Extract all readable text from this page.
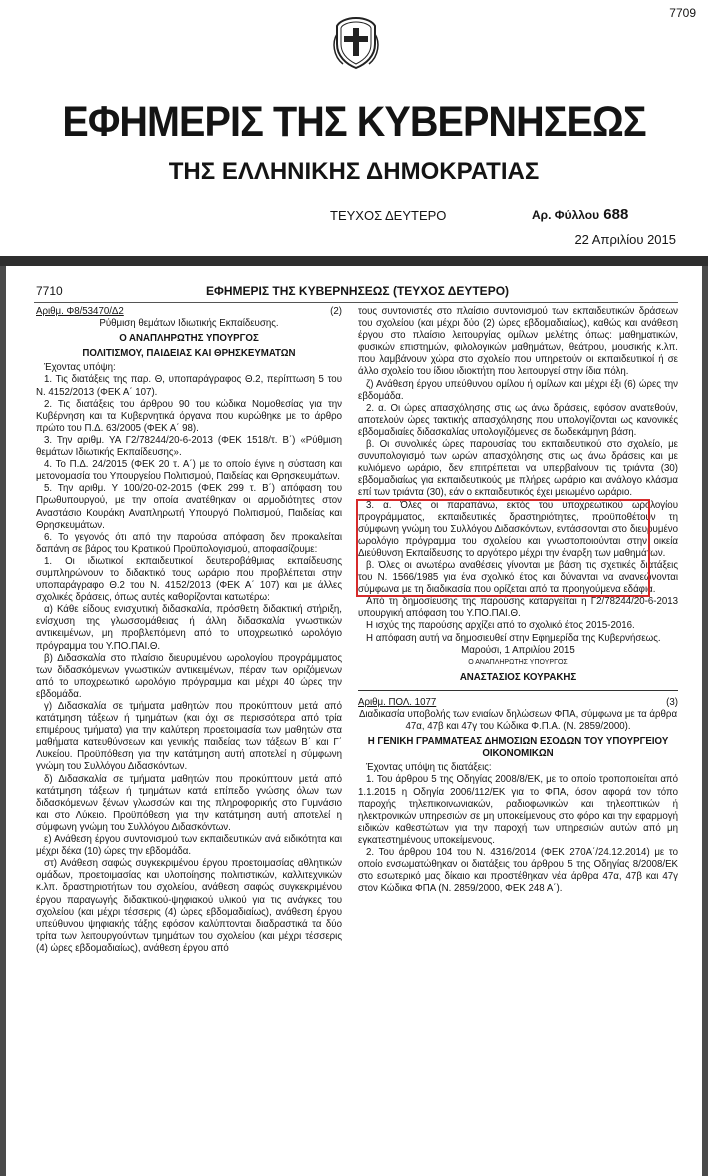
7709
ΕΦΗΜΕΡΙΣ ΤΗΣ ΚΥΒΕΡΝΗΣΕΩΣ
ΤΗΣ ΕΛΛΗΝΙΚΗΣ ΔΗΜΟΚΡΑΤΙΑΣ
ΤΕΥΧΟΣ ΔΕΥΤΕΡΟ	Αρ. Φύλλου 688
22 Απριλίου 2015
7710	ΕΦΗΜΕΡΙΣ ΤΗΣ ΚΥΒΕΡΝΗΣΕΩΣ (ΤΕΥΧΟΣ ΔΕΥΤΕΡΟ)
Αριθμ. Φ8/53470/Δ2	(2)

Ρύθμιση θεμάτων Ιδιωτικής Εκπαίδευσης.

Ο ΑΝΑΠΛΗΡΩΤΗΣ ΥΠΟΥΡΓΟΣ

ΠΟΛΙΤΙΣΜΟΥ, ΠΑΙΔΕΙΑΣ ΚΑΙ ΘΡΗΣΚΕΥΜΑΤΩΝ

Έχοντας υπόψη:

1. Τις διατάξεις της παρ. Θ, υποπαράγραφος Θ.2, περίπτωση 5 του Ν. 4152/2013 (ΦΕΚ Α΄ 107).

2. Τις διατάξεις του άρθρου 90 του κώδικα Νομοθεσίας για την Κυβέρνηση και τα Κυβερνητικά όργανα που κυρώθηκε με το άρθρο πρώτο του Π.Δ. 63/2005 (ΦΕΚ Α΄ 98).

3. Την αριθμ. ΥΑ Γ2/78244/20-6-2013 (ΦΕΚ 1518/τ. Β΄) «Ρύθμιση θεμάτων Ιδιωτικής Εκπαίδευσης».

4. Το Π.Δ. 24/2015 (ΦΕΚ 20 τ. Α΄) με το οποίο έγινε η σύσταση και μετονομασία του Υπουργείου Πολιτισμού, Παιδείας και Θρησκευμάτων.

5. Την αριθμ. Υ 100/20-02-2015 (ΦΕΚ 299 τ. Β΄) απόφαση του Πρωθυπουργού, με την οποία ανατέθηκαν οι αρμοδιότητες στον Αναστάσιο Κουράκη Αναπληρωτή Υπουργό Πολιτισμού, Παιδείας και Θρησκευμάτων.

6. Το γεγονός ότι από την παρούσα απόφαση δεν προκαλείται δαπάνη σε βάρος του Κρατικού Προϋπολογισμού, αποφασίζουμε:

1. Οι ιδιωτικοί εκπαιδευτικοί δευτεροβάθμιας εκπαίδευσης συμπληρώνουν το διδακτικό τους ωράριο που προβλέπεται στην υποπαράγραφο Θ.2 του Ν. 4152/2013 (ΦΕΚ Α΄ 107) και με άλλες σχολικές δράσεις, όπως αυτές καθορίζονται κατωτέρω:

α) Κάθε είδους ενισχυτική διδασκαλία, πρόσθετη διδακτική στήριξη, ενίσχυση της γλωσσομάθειας ή άλλη διδασκαλία γνωστικών αντικειμένων, μη προβλεπόμενη από το υποχρεωτικό ωρολόγιο πρόγραμμα του Υ.ΠΟ.ΠΑΙ.Θ.

β) Διδασκαλία στο πλαίσιο διευρυμένου ωρολογίου προγράμματος των διδασκόμενων γνωστικών αντικειμένων, πέραν των οριζόμενων από το υποχρεωτικό ωρολόγιο πρόγραμμα και μέχρι 40 ώρες την εβδομάδα.

γ) Διδασκαλία σε τμήματα μαθητών που προκύπτουν μετά από κατάτμηση τάξεων ή τμημάτων (και όχι σε περισσότερα από τρία επιμέρους τμήματα) για την καλύτερη προετοιμασία των μαθητών στα μαθήματα κατευθύνσεων και γενικής παιδείας των τάξεων Β΄ και Γ΄ Λυκείου. Προϋπόθεση για την κατάτμηση αυτή αποτελεί η σύμφωνη γνώμη του Συλλόγου Διδασκόντων.

δ) Διδασκαλία σε τμήματα μαθητών που προκύπτουν μετά από κατάτμηση τάξεων ή τμημάτων κατά επίπεδο γνώσης όλων των διδασκόμενων ξένων γλωσσών και της πληροφορικής στο Γυμνάσιο και στο Λύκειο. Προϋπόθεση για την κατάτμηση αυτή αποτελεί η σύμφωνη γνώμη του Συλλόγου Διδασκόντων.

ε) Ανάθεση έργου συντονισμού των εκπαιδευτικών ανά ειδικότητα και μέχρι δέκα (10) ώρες την εβδομάδα.

στ) Ανάθεση σαφώς συγκεκριμένου έργου προετοιμασίας αθλητικών ομάδων, προετοιμασίας και υλοποίησης πολιτιστικών, καλλιτεχνικών κ.λπ. δραστηριοτήτων του σχολείου, ανάθεση σαφώς συγκεκριμένου έργου παραγωγής διδακτικού-ψηφιακού υλικού για τις ανάγκες του σχολείου (και μέχρι τέσσερις (4) ώρες εβδομαδιαίως), ανάθεση έργου υπεύθυνου ψηφιακής τάξης εφόσον καλύπτονται διαδραστικά τα δύο τρίτα των λειτουργούντων τμημάτων του σχολείου (και μέχρι τέσσερις (4) ώρες εβδομαδιαίως), ανάθεση έργου από

τους συντονιστές στο πλαίσιο συντονισμού των εκπαιδευτικών δράσεων του σχολείου (και μέχρι δύο (2) ώρες εβδομαδιαίως), καθώς και ανάθεση έργου στο πλαίσιο λειτουργίας ομίλων μελέτης όπως: μαθηματικών, φυσικών επιστημών, φιλολογικών μαθημάτων, θεάτρου, μουσικής κ.λπ. που λαμβάνουν χώρα στο σχολείο που υπηρετούν οι εκπαιδευτικοί ή σε άλλο σχολείο του ίδιου ιδιοκτήτη που λειτουργεί στην ίδια πόλη.

ζ) Ανάθεση έργου υπεύθυνου ομίλου ή ομίλων και μέχρι έξι (6) ώρες την εβδομάδα.

2. α. Οι ώρες απασχόλησης στις ως άνω δράσεις, εφόσον ανατεθούν, αποτελούν ώρες τακτικής απασχόλησης που υπολογίζονται ως κανονικές εβδομαδιαίες διδασκαλίας υπολογιζόμενες σε δωδεκάμηνη βάση.

β. Οι συνολικές ώρες παρουσίας του εκπαιδευτικού στο σχολείο, με συνυπολογισμό των ωρών απασχόλησης στις ως άνω δράσεις και με κυλιόμενο ωράριο, δεν επιτρέπεται να υπερβαίνουν τις τριάντα (30) εβδομαδιαίως για εκπαιδευτικούς με πλήρες ωράριο και ανάλογο κλάσμα επί των τριάντα (30), εάν ο εκπαιδευτικός έχει μειωμένο ωράριο.

3. α. Όλες οι παραπάνω, εκτός του υποχρεωτικού ωρολογίου προγράμματος, εκπαιδευτικές δραστηριότητες, προϋποθέτουν τη σύμφωνη γνώμη του Συλλόγου Διδασκόντων, εντάσσονται στο διευρυμένο ωρολόγιο πρόγραμμα του σχολείου και γνωστοποιούνται στην οικεία Διεύθυνση Εκπαίδευσης το αργότερο μέχρι την έναρξη των μαθημάτων.

β. Όλες οι ανωτέρω αναθέσεις γίνονται με βάση τις σχετικές διατάξεις του Ν. 1566/1985 για ένα σχολικό έτος και δύνανται να ανανεώνονται σύμφωνα με τη διαδικασία που ορίζεται από τα προηγούμενα εδάφια.

Από τη δημοσίευσης της παρούσης καταργείται η Γ2/78244/20-6-2013 υπουργική απόφαση του Υ.ΠΟ.ΠΑΙ.Θ.

Η ισχύς της παρούσης αρχίζει από το σχολικό έτος 2015-2016.

Η απόφαση αυτή να δημοσιευθεί στην Εφημερίδα της Κυβερνήσεως.

Μαρούσι, 1 Απριλίου 2015

Ο ΑΝΑΠΛΗΡΩΤΗΣ ΥΠΟΥΡΓΟΣ

ΑΝΑΣΤΑΣΙΟΣ ΚΟΥΡΑΚΗΣ

Αριθμ. ΠΟΛ. 1077	(3)

Διαδικασία υποβολής των ενιαίων δηλώσεων ΦΠΑ, σύμφωνα με τα άρθρα 47α, 47β και 47γ του Κώδικα Φ.Π.Α. (Ν. 2859/2000).

Η ΓΕΝΙΚΗ ΓΡΑΜΜΑΤΕΑΣ ΔΗΜΟΣΙΩΝ ΕΣΟΔΩΝ ΤΟΥ ΥΠΟΥΡΓΕΙΟΥ ΟΙΚΟΝΟΜΙΚΩΝ

Έχοντας υπόψη τις διατάξεις:

1. Του άρθρου 5 της Οδηγίας 2008/8/ΕΚ, με το οποίο τροποποιείται από 1.1.2015 η Οδηγία 2006/112/ΕΚ για το ΦΠΑ, όσον αφορά τον τόπο παροχής τηλεπικοινωνιακών, ραδιοφωνικών και τηλεοπτικών ή ηλεκτρονικών υπηρεσιών σε μη υποκείμενους στο φόρο και την εφαρμογή ειδικών καθεστώτων για την παροχή των υπηρεσιών αυτών από μη εγκατεστημένους υποκείμενους.

2. Του άρθρου 104 του Ν. 4316/2014 (ΦΕΚ 270Α΄/24.12.2014) με το οποίο ενσωματώθηκαν οι διατάξεις του άρθρου 5 της Οδηγίας 8/2008/ΕΚ στο εσωτερικό μας δίκαιο και προστέθηκαν νέα άρθρα 47α, 47β και 47γ στον Κώδικα ΦΠΑ (Ν. 2859/2000, ΦΕΚ 248 Α΄).
